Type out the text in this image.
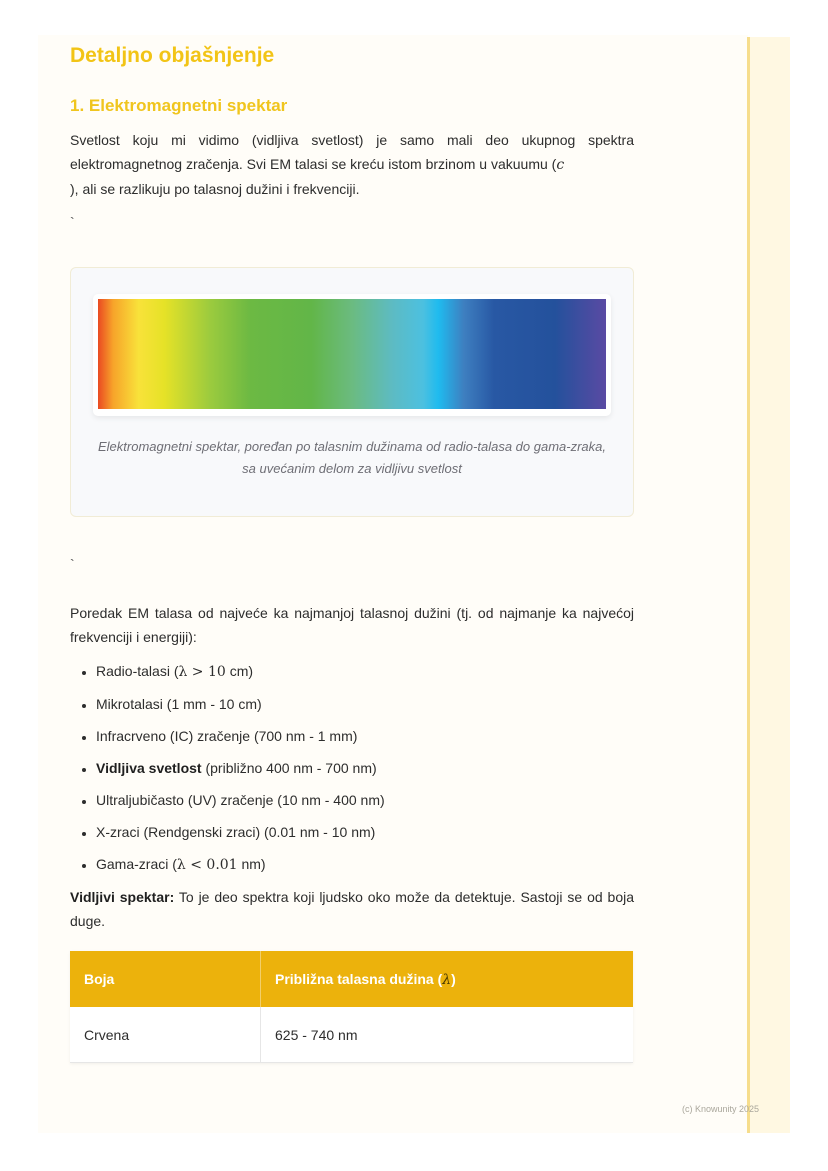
Detaljno objašnjenje
1. Elektromagnetni spektar

Svetlost koju mi vidimo (vidljiva svetlost) je samo mali deo ukupnog spektra elektromagnetnog zračenja. Svi EM talasi se kreću istom brzinom u vakuumu (c
), ali se razlikuju po talasnoj dužini i frekvenciji.

`
Elektromagnetni spektar, poređan po talasnim dužinama od radio-talasa do gama-zraka, sa uvećanim delom za vidljivu svetlost
`

Poredak EM talasa od najveće ka najmanjoj talasnoj dužini (tj. od najmanje ka najvećoj frekvenciji i energiji):

• Radio-talasi (λ > 10 cm)
• Mikrotalasi (1 mm - 10 cm)
• Infracrveno (IC) zračenje (700 nm - 1 mm)
• Vidljiva svetlost (približno 400 nm - 700 nm)
• Ultraljubičasto (UV) zračenje (10 nm - 400 nm)
• X-zraci (Rendgenski zraci) (0.01 nm - 10 nm)
• Gama-zraci (λ < 0.01 nm)

Vidljivi spektar: To je deo spektra koji ljudsko oko može da detektuje. Sastoji se od boja duge.

Boja	Približna talasna dužina (λ)
Crvena	625 - 740 nm
(c) Knowunity 2025
